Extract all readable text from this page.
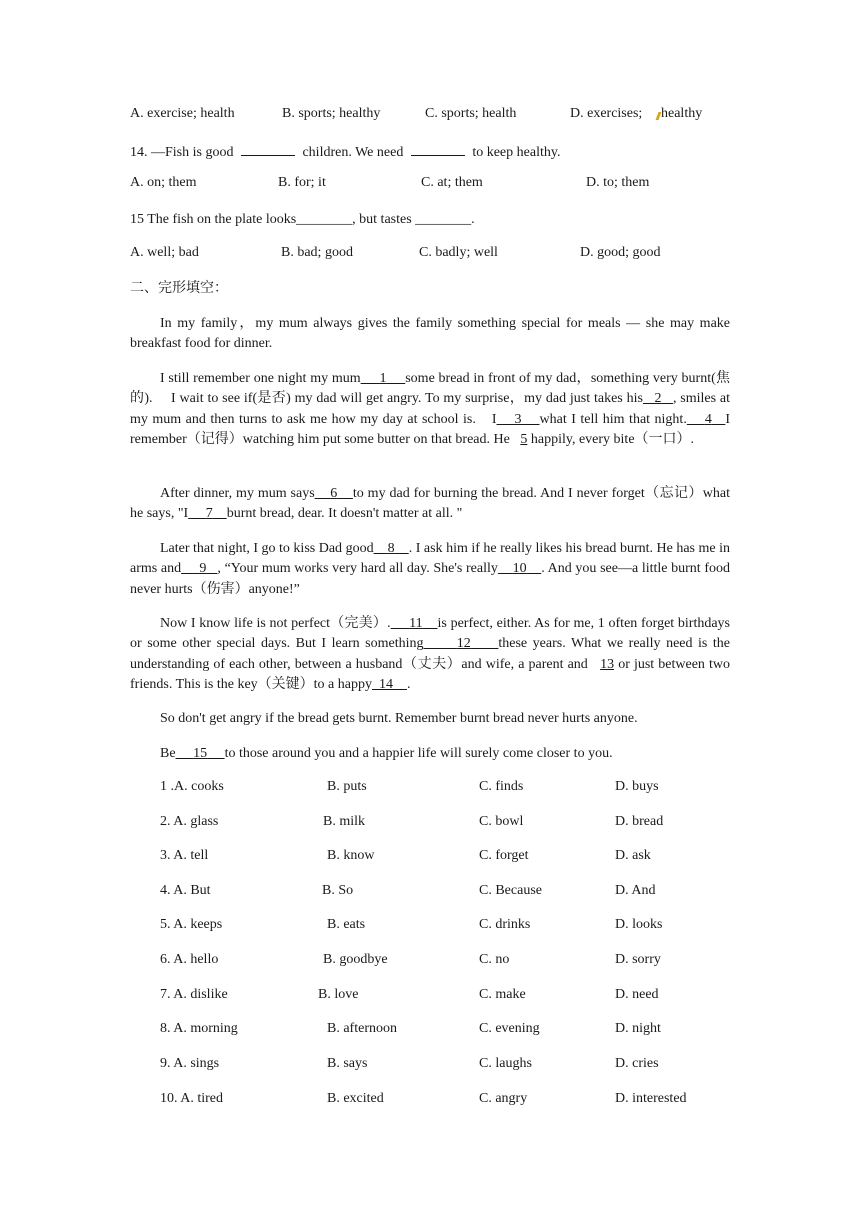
A. exercise; health	B. sports; healthy	C. sports; health	D. exercises; healthy
14. —Fish is good	children. We need	to keep healthy.
A. on; them	B. for; it	C. at; them	D. to; them
15 The fish on the plate looks________, but tastes ________.
A. well; bad	B. bad; good	C. badly; well	D. good; good
二、完形填空：

In my family，my mum always gives the family something special for meals — she may make breakfast food for dinner.

I still remember one night my mum 1 some bread in front of my dad，something very burnt(焦的).　 I wait to see if(是否) my dad will get angry. To my surprise，my dad just takes his 2 , smiles at my mum and then turns to ask me how my day at school is.　I 3 what I tell him that night. 4 I remember（记得）watching him put some butter on that bread. He 5 happily, every bite（一口）.

After dinner, my mum says 6 to my dad for burning the bread. And I never forget（忘记）what he says, "I 7 burnt bread, dear. It doesn't matter at all. "

Later that night, I go to kiss Dad good 8 . I ask him if he really likes his bread burnt. He has me in arms and 9 , “Your mum works very hard all day. She's really 10 . And you see—a little burnt food never hurts（伤害）anyone!”

Now I know life is not perfect（完美）. 11 is perfect, either. As for me, 1 often forget birthdays or some other special days. But I learn something 12 these years. What we really need is the understanding of each other, between a husband（丈夫）and wife, a parent and 13 or just between two friends. This is the key（关键）to a happy 14 .

So don't get angry if the bread gets burnt. Remember burnt bread never hurts anyone.
Be 15 to those around you and a happier life will surely come closer to you.
1 .A. cooks	B. puts	C. finds	D. buys
2. A. glass	B. milk	C. bowl	D. bread
3. A. tell	B. know	C. forget	D. ask
4. A. But	B. So	C. Because	D. And
5. A. keeps	B. eats	C. drinks	D. looks
6. A. hello	B. goodbye	C. no	D. sorry
7. A. dislike	B. love	C. make	D. need
8. A. morning	B. afternoon	C. evening	D. night
9. A. sings	B. says	C. laughs	D. cries
10. A. tired	B. excited	C. angry	D. interested
